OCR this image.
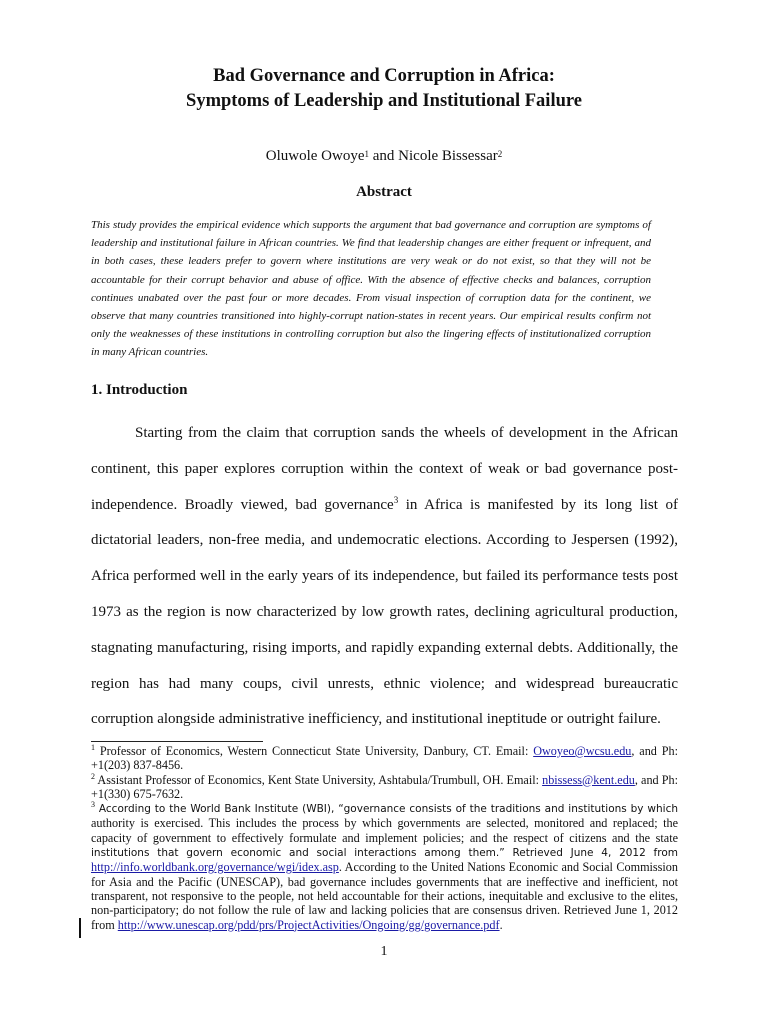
Bad Governance and Corruption in Africa:
Symptoms of Leadership and Institutional Failure
Oluwole Owoye$^1$ and Nicole Bissessar$^2$
Abstract
This study provides the empirical evidence which supports the argument that bad governance and corruption are symptoms of leadership and institutional failure in African countries. We find that leadership changes are either frequent or infrequent, and in both cases, these leaders prefer to govern where institutions are very weak or do not exist, so that they will not be accountable for their corrupt behavior and abuse of office. With the absence of effective checks and balances, corruption continues unabated over the past four or more decades. From visual inspection of corruption data for the continent, we observe that many countries transitioned into highly-corrupt nation-states in recent years. Our empirical results confirm not only the weaknesses of these institutions in controlling corruption but also the lingering effects of institutionalized corruption in many African countries.
1. Introduction

Starting from the claim that corruption sands the wheels of development in the African continent, this paper explores corruption within the context of weak or bad governance post-independence. Broadly viewed, bad governance$^3$ in Africa is manifested by its long list of dictatorial leaders, non-free media, and undemocratic elections. According to Jespersen (1992), Africa performed well in the early years of its independence, but failed its performance tests post 1973 as the region is now characterized by low growth rates, declining agricultural production, stagnating manufacturing, rising imports, and rapidly expanding external debts. Additionally, the region has had many coups, civil unrests, ethnic violence; and widespread bureaucratic corruption alongside administrative inefficiency, and institutional ineptitude or outright failure.

$^1$ Professor of Economics, Western Connecticut State University, Danbury, CT. Email: Owoyeo@wcsu.edu, and Ph: +1(203) 837-8456.

$^2$ Assistant Professor of Economics, Kent State University, Ashtabula/Trumbull, OH. Email: nbissess@kent.edu, and Ph: +1(330) 675-7632.

$^3$ According to the World Bank Institute (WBI), “governance consists of the traditions and institutions by which authority is exercised. This includes the process by which governments are selected, monitored and replaced; the capacity of government to effectively formulate and implement policies; and the respect of citizens and the state institutions that govern economic and social interactions among them.” Retrieved June 4, 2012 from http://info.worldbank.org/governance/wgi/idex.asp. According to the United Nations Economic and Social Commission for Asia and the Pacific (UNESCAP), bad governance includes governments that are ineffective and inefficient, not transparent, not responsive to the people, not held accountable for their actions, inequitable and exclusive to the elites, non-participatory; do not follow the rule of law and lacking policies that are consensus driven. Retrieved June 1, 2012 from http://www.unescap.org/pdd/prs/ProjectActivities/Ongoing/gg/governance.pdf.

1
